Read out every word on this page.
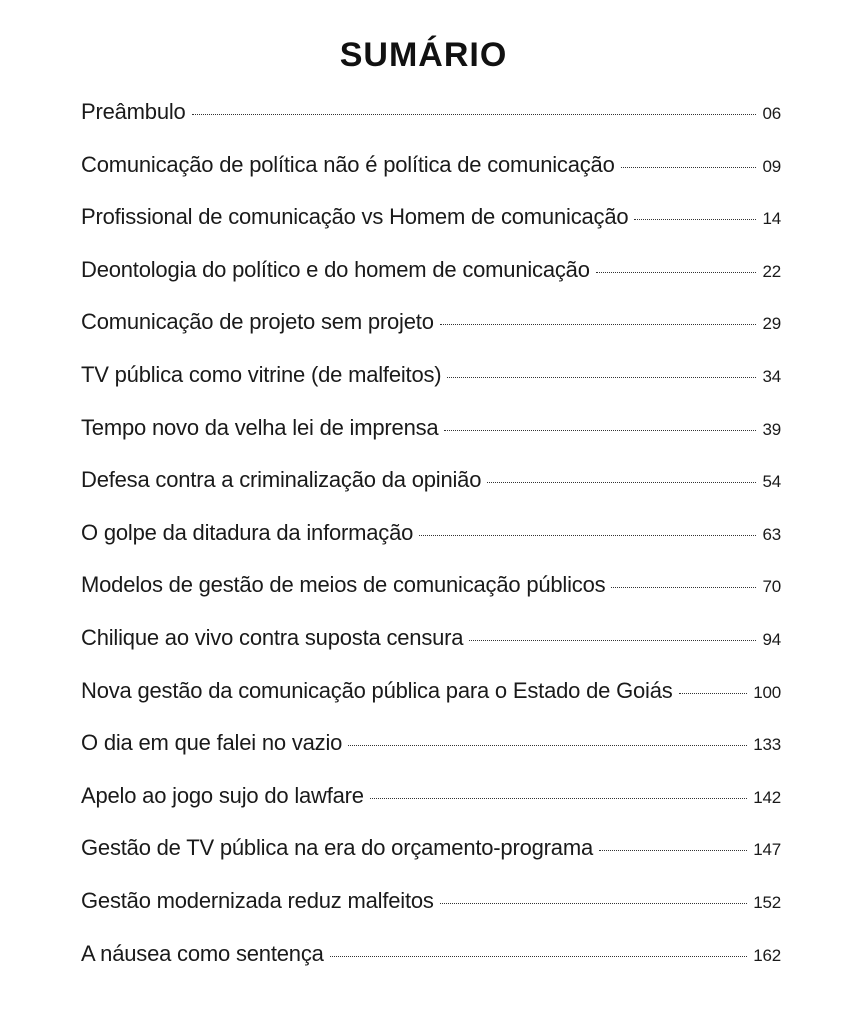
SUMÁRIO
Preâmbulo	06
Comunicação de política não é política de comunicação	09
Profissional de comunicação vs Homem de comunicação	14
Deontologia do político e do homem de comunicação	22
Comunicação de projeto sem projeto	29
TV pública como vitrine (de malfeitos)	34
Tempo novo da velha lei de imprensa	39
Defesa contra a criminalização da opinião	54
O golpe da ditadura da informação	63
Modelos de gestão de meios de comunicação públicos	70
Chilique ao vivo contra suposta censura	94
Nova gestão da comunicação pública para o Estado de Goiás	100
O dia em que falei no vazio	133
Apelo ao jogo sujo do lawfare	142
Gestão de TV pública na era do orçamento-programa	147
Gestão modernizada reduz malfeitos	152
A náusea como sentença	162
